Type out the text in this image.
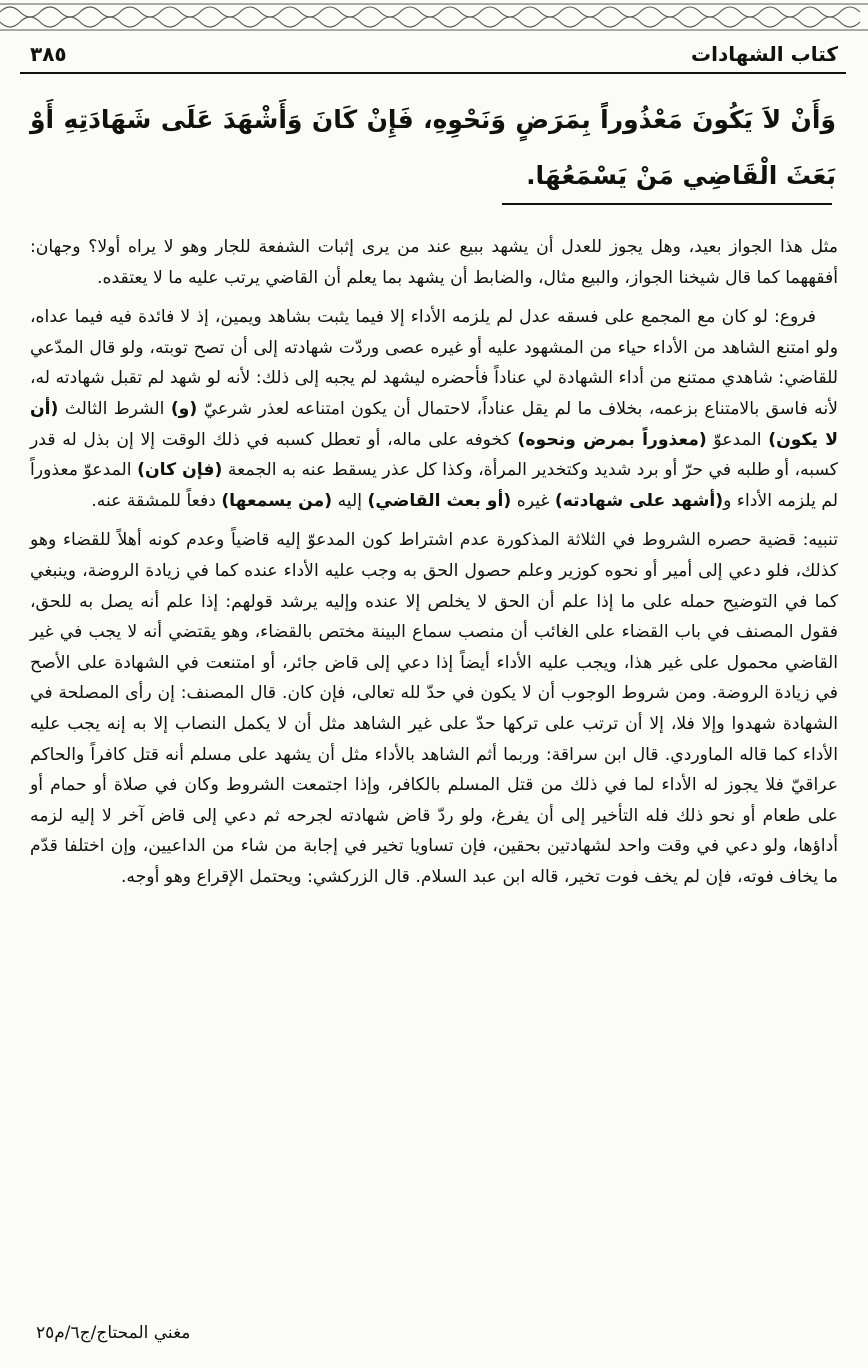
كتاب الشهادات
٣٨٥
وَأَنْ لاَ يَكُونَ مَعْذُوراً بِمَرَضٍ وَنَحْوِهِ، فَإِنْ كَانَ وَأَشْهَدَ عَلَى شَهَادَتِهِ أَوْ بَعَثَ الْقَاضِي مَنْ يَسْمَعُهَا.

مثل هذا الجواز بعيد، وهل يجوز للعدل أن يشهد ببيع عند من يرى إثبات الشفعة للجار وهو لا يراه أولا؟ وجهان: أفقههما كما قال شيخنا الجواز، والبيع مثال، والضابط أن يشهد بما يعلم أن القاضي يرتب عليه ما لا يعتقده.

فروع: لو كان مع المجمع على فسقه عدل لم يلزمه الأداء إلا فيما يثبت بشاهد ويمين، إذ لا فائدة فيه فيما عداه، ولو امتنع الشاهد من الأداء حياء من المشهود عليه أو غيره عصى وردّت شهادته إلى أن تصح توبته، ولو قال المدّعي للقاضي: شاهدي ممتنع من أداء الشهادة لي عناداً فأحضره ليشهد لم يجبه إلى ذلك: لأنه لو شهد لم تقبل شهادته له، لأنه فاسق بالامتناع بزعمه، بخلاف ما لم يقل عناداً، لاحتمال أن يكون امتناعه لعذر شرعيّ (و) الشرط الثالث (أن لا يكون) المدعوّ (معذوراً بمرض ونحوه) كخوفه على ماله، أو تعطل كسبه في ذلك الوقت إلا إن بذل له قدر كسبه، أو طلبه في حرّ أو برد شديد وكتخدير المرأة، وكذا كل عذر يسقط عنه به الجمعة (فإن كان) المدعوّ معذوراً لم يلزمه الأداء و(أشهد على شهادته) غيره (أو بعث القاضي) إليه (من يسمعها) دفعاً للمشقة عنه.

تنبيه: قضية حصره الشروط في الثلاثة المذكورة عدم اشتراط كون المدعوّ إليه قاضياً وعدم كونه أهلاً للقضاء وهو كذلك، فلو دعي إلى أمير أو نحوه كوزير وعلم حصول الحق به وجب عليه الأداء عنده كما في زيادة الروضة، وينبغي كما في التوضيح حمله على ما إذا علم أن الحق لا يخلص إلا عنده وإليه يرشد قولهم: إذا علم أنه يصل به للحق، فقول المصنف في باب القضاء على الغائب أن منصب سماع البينة مختص بالقضاء، وهو يقتضي أنه لا يجب في غير القاضي محمول على غير هذا، ويجب عليه الأداء أيضاً إذا دعي إلى قاض جائر، أو امتنعت في الشهادة على الأصح في زيادة الروضة. ومن شروط الوجوب أن لا يكون في حدّ لله تعالى، فإن كان. قال المصنف: إن رأى المصلحة في الشهادة شهدوا وإلا فلا، إلا أن ترتب على تركها حدّ على غير الشاهد مثل أن لا يكمل النصاب إلا به إنه يجب عليه الأداء كما قاله الماوردي. قال ابن سراقة: وربما أثم الشاهد بالأداء مثل أن يشهد على مسلم أنه قتل كافراً والحاكم عراقيّ فلا يجوز له الأداء لما في ذلك من قتل المسلم بالكافر، وإذا اجتمعت الشروط وكان في صلاة أو حمام أو على طعام أو نحو ذلك فله التأخير إلى أن يفرغ، ولو ردّ قاض شهادته لجرحه ثم دعي إلى قاض آخر لا إليه لزمه أداؤها، ولو دعي في وقت واحد لشهادتين بحقين، فإن تساويا تخير في إجابة من شاء من الداعيين، وإن اختلفا قدّم ما يخاف فوته، فإن لم يخف فوت تخير، قاله ابن عبد السلام. قال الزركشي: ويحتمل الإقراع وهو أوجه.

مغني المحتاج/ج٦/م٢٥
